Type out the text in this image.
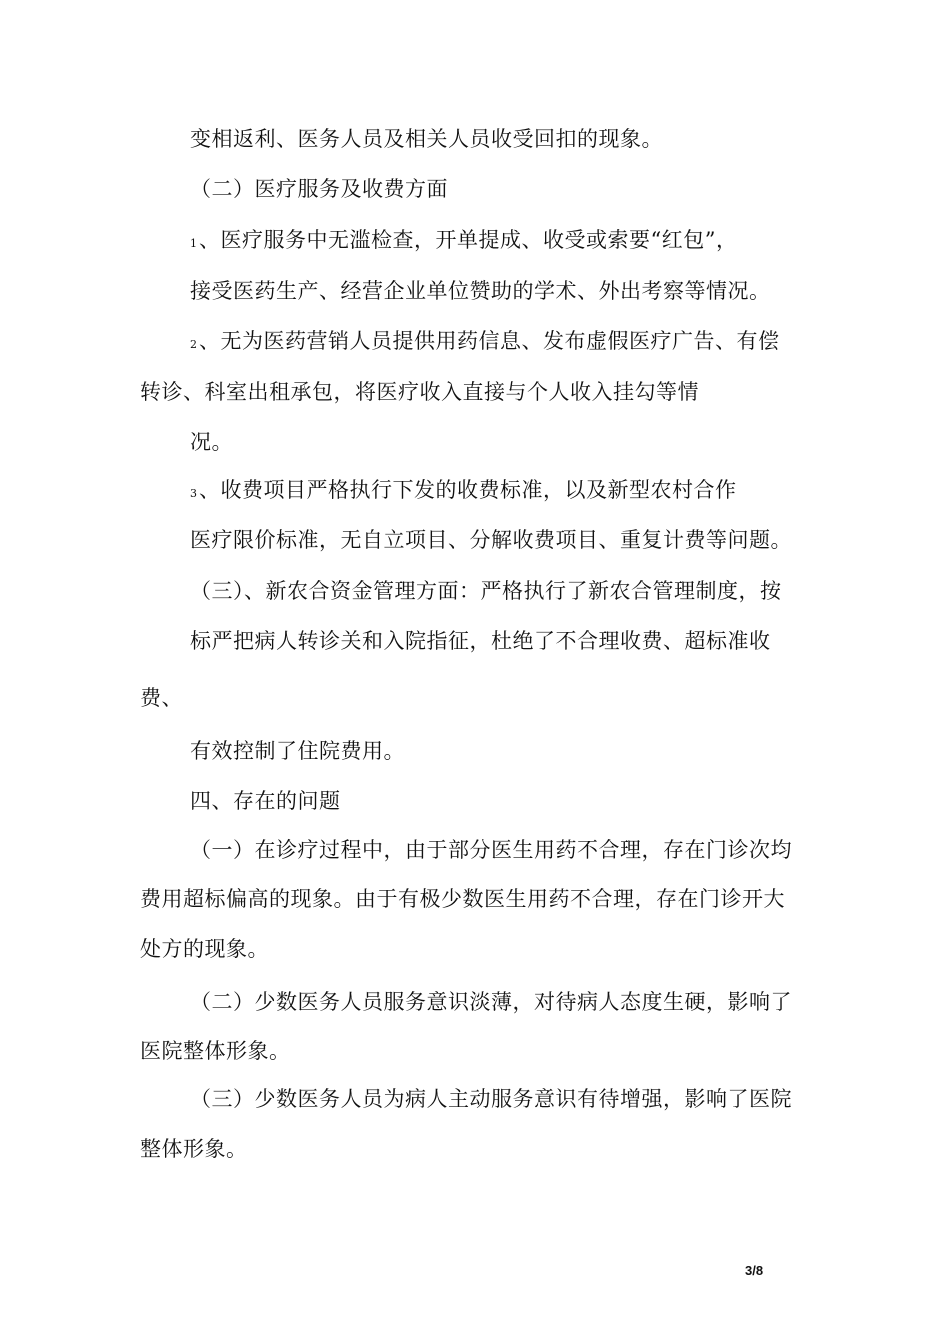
变相返利、医务人员及相关人员收受回扣的现象。
（二）医疗服务及收费方面
1、医疗服务中无滥检查，开单提成、收受或索要“红包”，
接受医药生产、经营企业单位赞助的学术、外出考察等情况。
2、无为医药营销人员提供用药信息、发布虚假医疗广告、有偿
转诊、科室出租承包，将医疗收入直接与个人收入挂勾等情
况。
3、收费项目严格执行下发的收费标准，以及新型农村合作
医疗限价标准，无自立项目、分解收费项目、重复计费等问题。
（三）、新农合资金管理方面：严格执行了新农合管理制度，按
标严把病人转诊关和入院指征，杜绝了不合理收费、超标准收
费、
有效控制了住院费用。
四、存在的问题
（一）在诊疗过程中，由于部分医生用药不合理，存在门诊次均
费用超标偏高的现象。由于有极少数医生用药不合理，存在门诊开大
处方的现象。
（二）少数医务人员服务意识淡薄，对待病人态度生硬，影响了
医院整体形象。
（三）少数医务人员为病人主动服务意识有待增强，影响了医院
整体形象。
3/8
